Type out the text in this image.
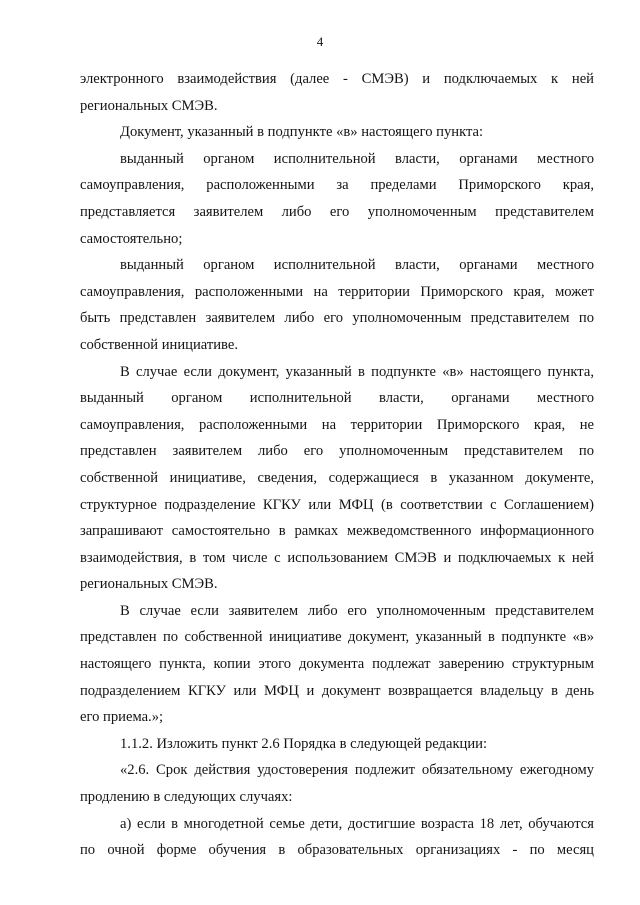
4
электронного взаимодействия (далее - СМЭВ) и подключаемых к ней
региональных СМЭВ.
Документ, указанный в подпункте «в» настоящего пункта:
выданный органом исполнительной власти, органами местного
самоуправления, расположенными за пределами Приморского края,
представляется заявителем либо его уполномоченным представителем
самостоятельно;
выданный органом исполнительной власти, органами местного
самоуправления, расположенными на территории Приморского края, может
быть представлен заявителем либо его уполномоченным представителем по
собственной инициативе.
В случае если документ, указанный в подпункте «в» настоящего пункта,
выданный органом исполнительной власти, органами местного
самоуправления, расположенными на территории Приморского края, не
представлен заявителем либо его уполномоченным представителем по
собственной инициативе, сведения, содержащиеся в указанном документе,
структурное подразделение КГКУ или МФЦ (в соответствии с Соглашением)
запрашивают самостоятельно в рамках межведомственного информационного
взаимодействия, в том числе с использованием СМЭВ и подключаемых к ней
региональных СМЭВ.
В случае если заявителем либо его уполномоченным представителем
представлен по собственной инициативе документ, указанный в подпункте «в»
настоящего пункта, копии этого документа подлежат заверению структурным
подразделением КГКУ или МФЦ и документ возвращается владельцу в день
его приема.»;
1.1.2. Изложить пункт 2.6 Порядка в следующей редакции:
«2.6. Срок действия удостоверения подлежит обязательному ежегодному
продлению в следующих случаях:
а) если в многодетной семье дети, достигшие возраста 18 лет, обучаются
по очной форме обучения в образовательных организациях - по месяц
